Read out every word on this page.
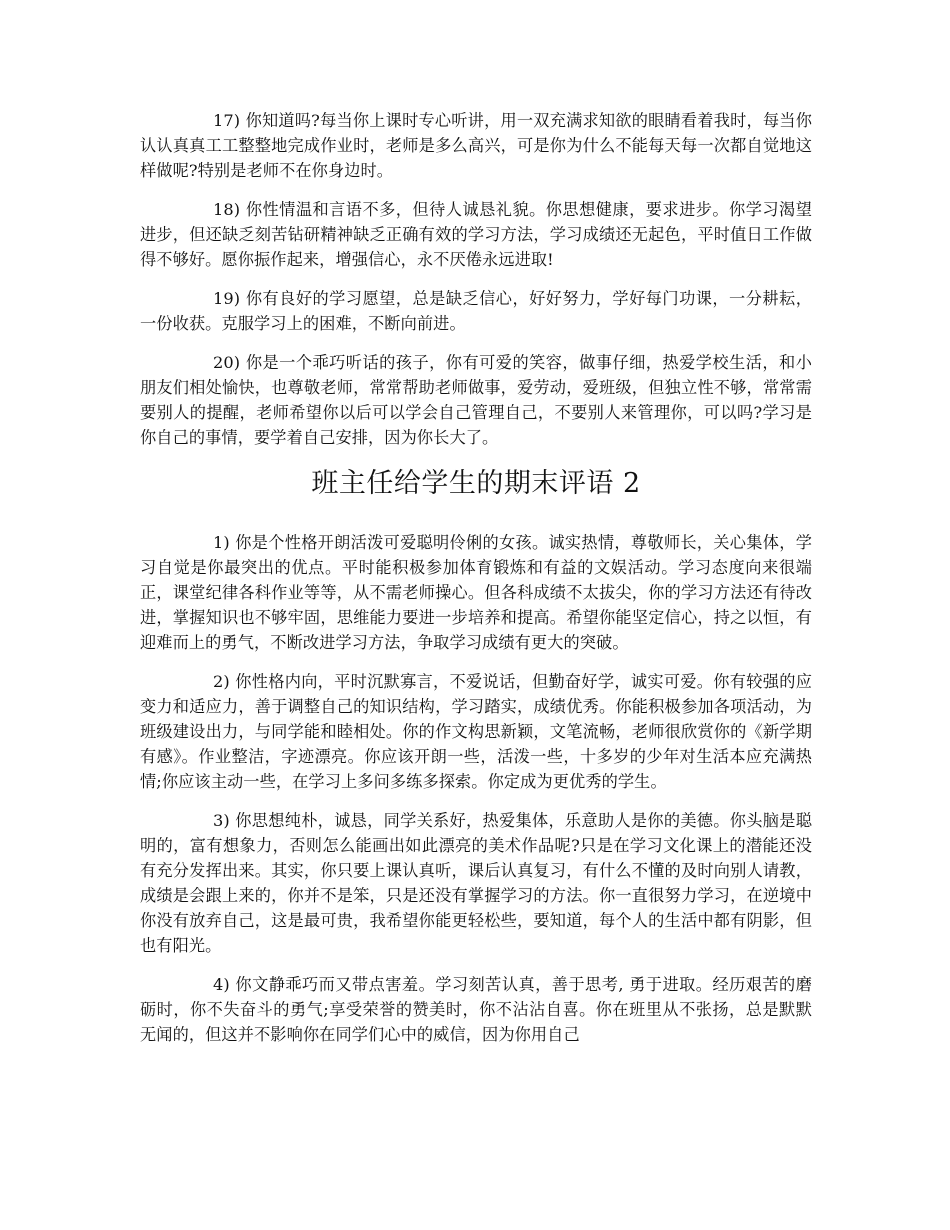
17) 你知道吗?每当你上课时专心听讲，用一双充满求知欲的眼睛看着我时，每当你认认真真工工整整地完成作业时，老师是多么高兴，可是你为什么不能每天每一次都自觉地这样做呢?特别是老师不在你身边时。

18) 你性情温和言语不多，但待人诚恳礼貌。你思想健康，要求进步。你学习渴望进步，但还缺乏刻苦钻研精神缺乏正确有效的学习方法，学习成绩还无起色，平时值日工作做得不够好。愿你振作起来，增强信心，永不厌倦永远进取!

19) 你有良好的学习愿望，总是缺乏信心，好好努力，学好每门功课，一分耕耘，一份收获。克服学习上的困难，不断向前进。

20) 你是一个乖巧听话的孩子，你有可爱的笑容，做事仔细，热爱学校生活，和小朋友们相处愉快，也尊敬老师，常常帮助老师做事，爱劳动，爱班级，但独立性不够，常常需要别人的提醒，老师希望你以后可以学会自己管理自己，不要别人来管理你，可以吗?学习是你自己的事情，要学着自己安排，因为你长大了。

班主任给学生的期末评语 2

1) 你是个性格开朗活泼可爱聪明伶俐的女孩。诚实热情，尊敬师长，关心集体，学习自觉是你最突出的优点。平时能积极参加体育锻炼和有益的文娱活动。学习态度向来很端正，课堂纪律各科作业等等，从不需老师操心。但各科成绩不太拔尖，你的学习方法还有待改进，掌握知识也不够牢固，思维能力要进一步培养和提高。希望你能坚定信心，持之以恒，有迎难而上的勇气，不断改进学习方法，争取学习成绩有更大的突破。

2) 你性格内向，平时沉默寡言，不爱说话，但勤奋好学，诚实可爱。你有较强的应变力和适应力，善于调整自己的知识结构，学习踏实，成绩优秀。你能积极参加各项活动，为班级建设出力，与同学能和睦相处。你的作文构思新颖，文笔流畅，老师很欣赏你的《新学期有感》。作业整洁，字迹漂亮。你应该开朗一些，活泼一些，十多岁的少年对生活本应充满热情;你应该主动一些，在学习上多问多练多探索。你定成为更优秀的学生。

3) 你思想纯朴，诚恳，同学关系好，热爱集体，乐意助人是你的美德。你头脑是聪明的，富有想象力，否则怎么能画出如此漂亮的美术作品呢?只是在学习文化课上的潜能还没有充分发挥出来。其实，你只要上课认真听，课后认真复习，有什么不懂的及时向别人请教，成绩是会跟上来的，你并不是笨，只是还没有掌握学习的方法。你一直很努力学习，在逆境中你没有放弃自己，这是最可贵，我希望你能更轻松些，要知道，每个人的生活中都有阴影，但也有阳光。

4) 你文静乖巧而又带点害羞。学习刻苦认真，善于思考, 勇于进取。经历艰苦的磨砺时，你不失奋斗的勇气;享受荣誉的赞美时，你不沾沾自喜。你在班里从不张扬，总是默默无闻的，但这并不影响你在同学们心中的威信，因为你用自己
